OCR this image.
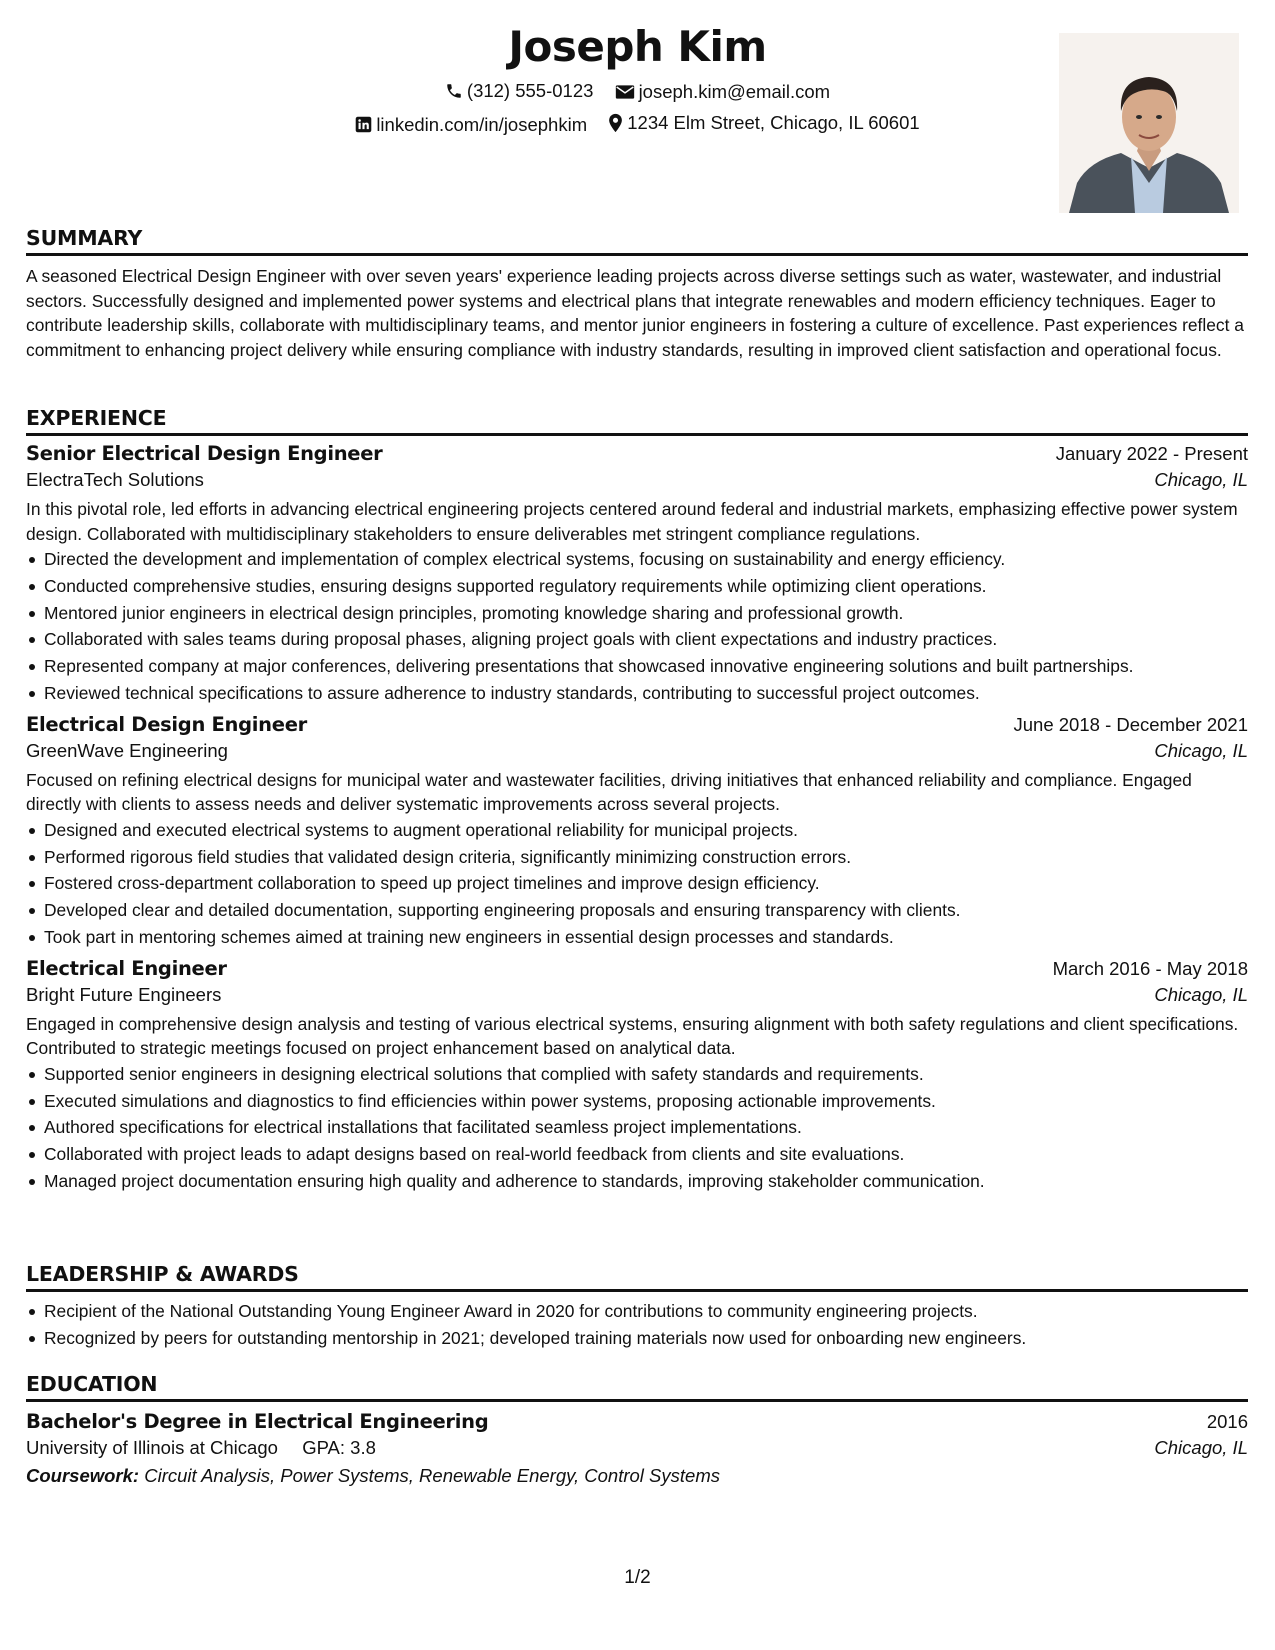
Joseph Kim
(312) 555-0123
joseph.kim@email.com
linkedin.com/in/josephkim
1234 Elm Street, Chicago, IL 60601
SUMMARY
A seasoned Electrical Design Engineer with over seven years' experience leading projects across diverse settings such as water, wastewater, and industrial sectors. Successfully designed and implemented power systems and electrical plans that integrate renewables and modern efficiency techniques. Eager to contribute leadership skills, collaborate with multidisciplinary teams, and mentor junior engineers in fostering a culture of excellence. Past experiences reflect a commitment to enhancing project delivery while ensuring compliance with industry standards, resulting in improved client satisfaction and operational focus.
EXPERIENCE
Senior Electrical Design Engineer	January 2022 - Present
ElectraTech Solutions	Chicago, IL
In this pivotal role, led efforts in advancing electrical engineering projects centered around federal and industrial markets, emphasizing effective power system design. Collaborated with multidisciplinary stakeholders to ensure deliverables met stringent compliance regulations.
Directed the development and implementation of complex electrical systems, focusing on sustainability and energy efficiency.
Conducted comprehensive studies, ensuring designs supported regulatory requirements while optimizing client operations.
Mentored junior engineers in electrical design principles, promoting knowledge sharing and professional growth.
Collaborated with sales teams during proposal phases, aligning project goals with client expectations and industry practices.
Represented company at major conferences, delivering presentations that showcased innovative engineering solutions and built partnerships.
Reviewed technical specifications to assure adherence to industry standards, contributing to successful project outcomes.
Electrical Design Engineer	June 2018 - December 2021
GreenWave Engineering	Chicago, IL
Focused on refining electrical designs for municipal water and wastewater facilities, driving initiatives that enhanced reliability and compliance. Engaged directly with clients to assess needs and deliver systematic improvements across several projects.
Designed and executed electrical systems to augment operational reliability for municipal projects.
Performed rigorous field studies that validated design criteria, significantly minimizing construction errors.
Fostered cross-department collaboration to speed up project timelines and improve design efficiency.
Developed clear and detailed documentation, supporting engineering proposals and ensuring transparency with clients.
Took part in mentoring schemes aimed at training new engineers in essential design processes and standards.
Electrical Engineer	March 2016 - May 2018
Bright Future Engineers	Chicago, IL
Engaged in comprehensive design analysis and testing of various electrical systems, ensuring alignment with both safety regulations and client specifications. Contributed to strategic meetings focused on project enhancement based on analytical data.
Supported senior engineers in designing electrical solutions that complied with safety standards and requirements.
Executed simulations and diagnostics to find efficiencies within power systems, proposing actionable improvements.
Authored specifications for electrical installations that facilitated seamless project implementations.
Collaborated with project leads to adapt designs based on real-world feedback from clients and site evaluations.
Managed project documentation ensuring high quality and adherence to standards, improving stakeholder communication.
LEADERSHIP & AWARDS
Recipient of the National Outstanding Young Engineer Award in 2020 for contributions to community engineering projects.
Recognized by peers for outstanding mentorship in 2021; developed training materials now used for onboarding new engineers.
EDUCATION
Bachelor's Degree in Electrical Engineering	2016
University of Illinois at Chicago GPA: 3.8	Chicago, IL
Coursework: Circuit Analysis, Power Systems, Renewable Energy, Control Systems
1/2
